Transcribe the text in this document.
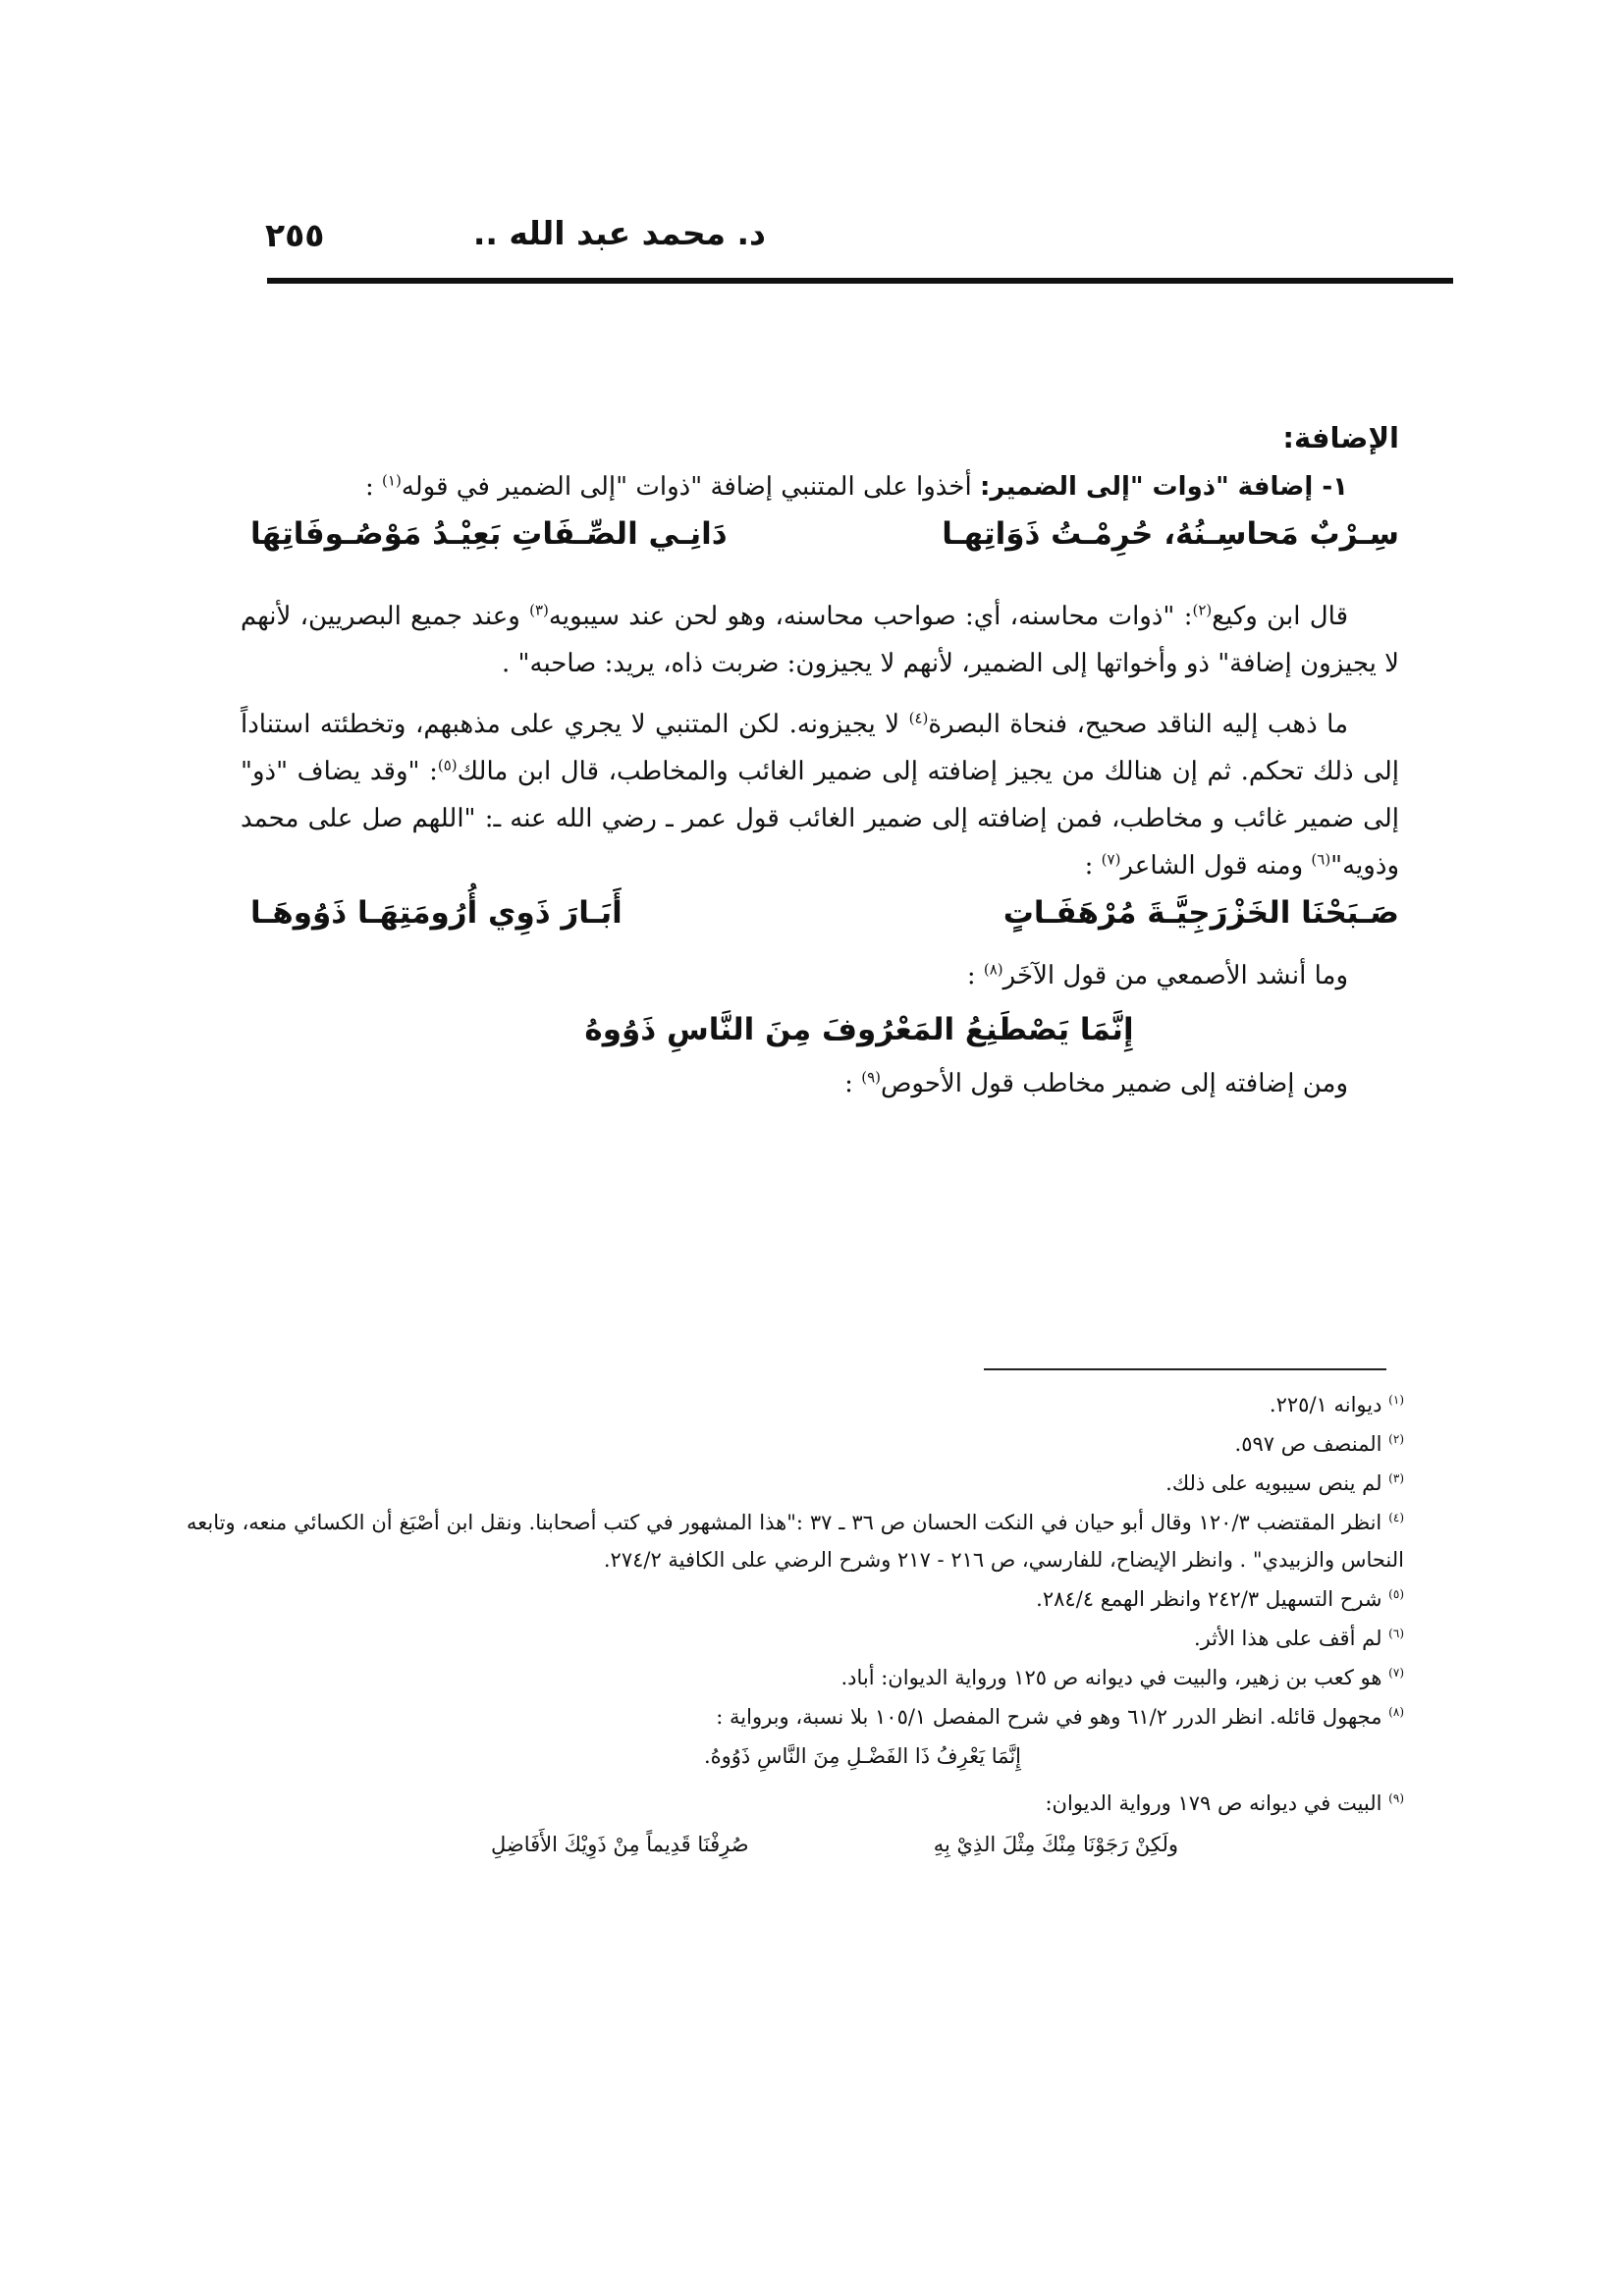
د. محمد عبد الله ..
٢٥٥

الإضافة:

١- إضافة "ذوات "إلى الضمير: أخذوا على المتنبي إضافة "ذوات "إلى الضمير في قوله$^{(١)}$ :

سِـرْبٌ مَحاسِـنُهُ، حُرِمْـتُ ذَوَاتِهـا
دَانِـي الصِّـفَاتِ بَعِيْـدُ مَوْصُـوفَاتِهَا

قال ابن وكيع$^{(٢)}$: "ذوات محاسنه، أي: صواحب محاسنه، وهو لحن عند سيبويه$^{(٣)}$ وعند جميع البصريين، لأنهم لا يجيزون إضافة" ذو وأخواتها إلى الضمير، لأنهم لا يجيزون: ضربت ذاه، يريد: صاحبه" .

ما ذهب إليه الناقد صحيح، فنحاة البصرة$^{(٤)}$ لا يجيزونه. لكن المتنبي لا يجري على مذهبهم، وتخطئته استناداً إلى ذلك تحكم. ثم إن هنالك من يجيز إضافته إلى ضمير الغائب والمخاطب، قال ابن مالك$^{(٥)}$: "وقد يضاف "ذو" إلى ضمير غائب و مخاطب، فمن إضافته إلى ضمير الغائب قول عمر ـ رضي الله عنه ـ: "اللهم صل على محمد وذويه"$^{(٦)}$ ومنه قول الشاعر$^{(٧)}$ :

صَـبَحْنَا الخَزْرَجِيَّـةَ مُرْهَفَـاتٍ
أَبَـارَ ذَوِي أُرُومَتِهَـا ذَوُوهَـا

وما أنشد الأصمعي من قول الآخَر$^{(٨)}$ :

إِنَّمَا يَصْطَنِعُ المَعْرُوفَ مِنَ النَّاسِ ذَوُوهُ

ومن إضافته إلى ضمير مخاطب قول الأحوص$^{(٩)}$ :

$^{(١)}$ ديوانه ٢٢٥/١.

$^{(٢)}$ المنصف ص ٥٩٧.

$^{(٣)}$ لم ينص سيبويه على ذلك.

$^{(٤)}$ انظر المقتضب ١٢٠/٣ وقال أبو حيان في النكت الحسان ص ٣٦ ـ ٣٧ :"هذا المشهور في كتب أصحابنا. ونقل ابن أصْبَغ أن الكسائي منعه، وتابعه النحاس والزبيدي" . وانظر الإيضاح، للفارسي، ص ٢١٦ - ٢١٧ وشرح الرضي على الكافية ٢٧٤/٢.

$^{(٥)}$ شرح التسهيل ٢٤٢/٣ وانظر الهمع ٢٨٤/٤.

$^{(٦)}$ لم أقف على هذا الأثر.

$^{(٧)}$ هو كعب بن زهير، والبيت في ديوانه ص ١٢٥ ورواية الديوان: أباد.

$^{(٨)}$ مجهول قائله. انظر الدرر ٦١/٢ وهو في شرح المفصل ١٠٥/١ بلا نسبة، وبرواية :

إِنَّمَا يَعْرِفُ ذَا الفَضْـلِ مِنَ النَّاسِ ذَوُوهُ.

$^{(٩)}$ البيت في ديوانه ص ١٧٩ ورواية الديوان:

ولَكِنْ رَجَوْنَا مِنْكَ مِثْلَ الذِيْ بِهِ
صُرِفْنَا قَدِيماً مِنْ ذَوِيْكَ الأَفَاضِلِ
